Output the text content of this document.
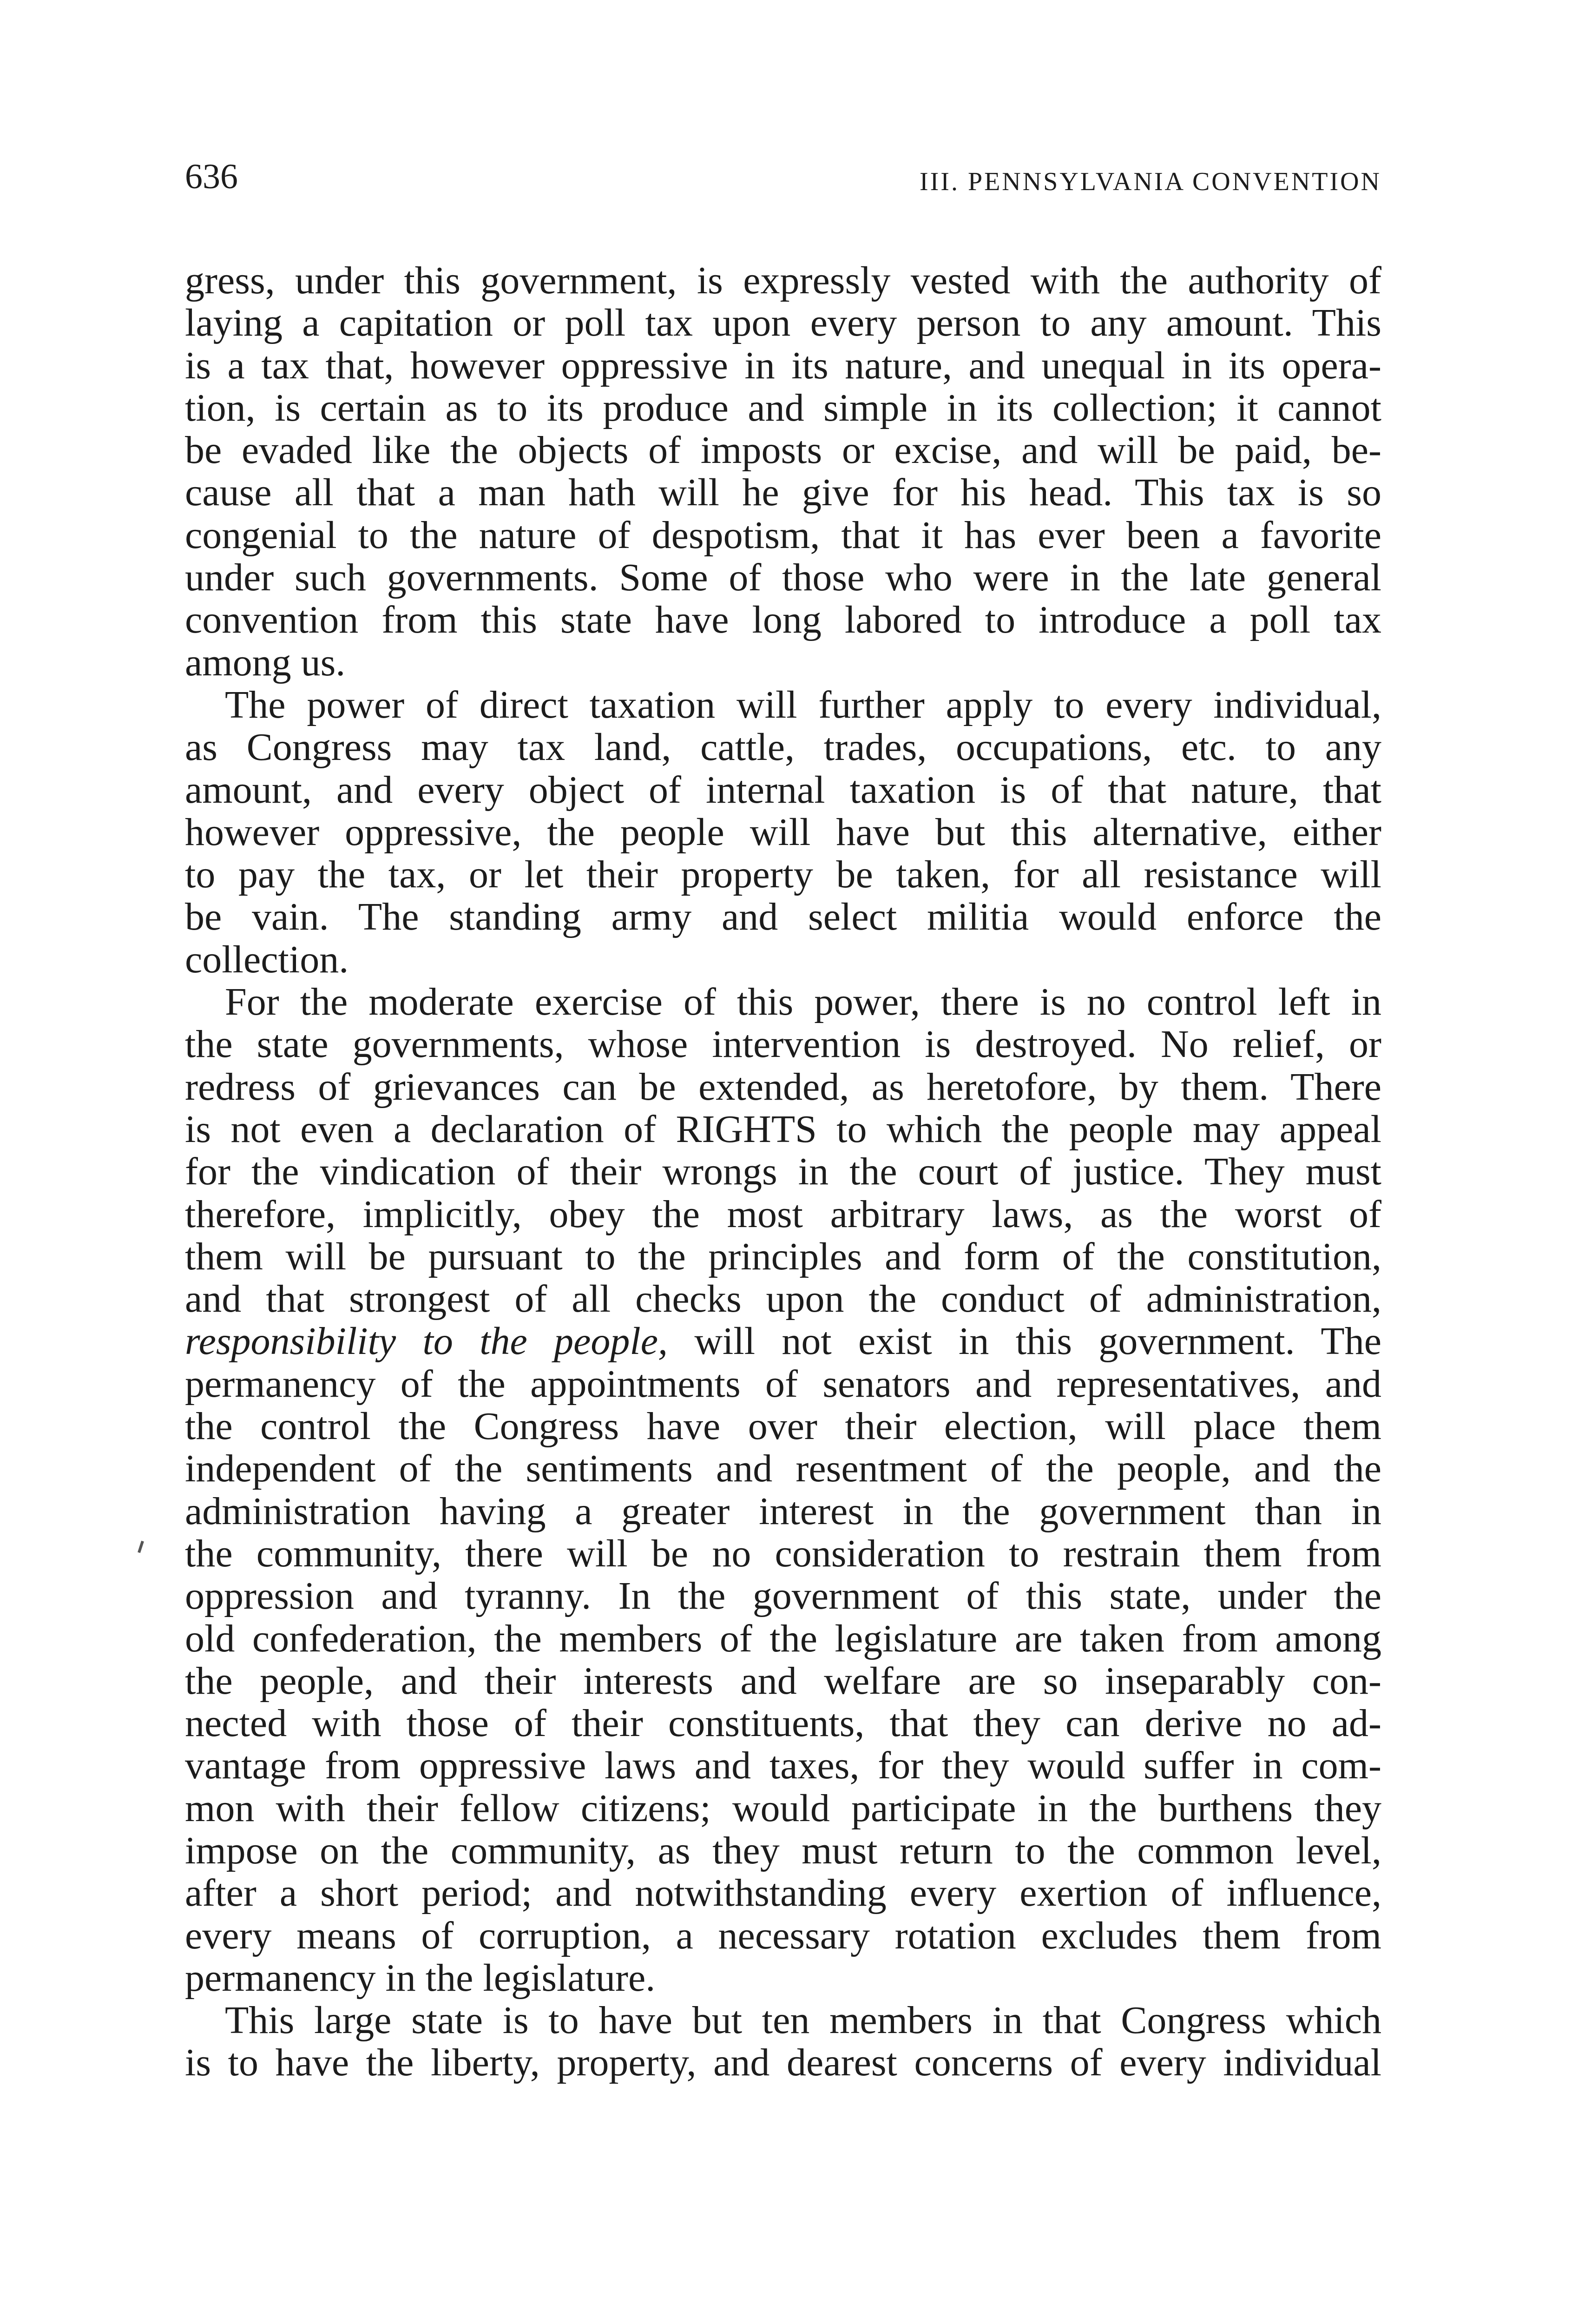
636	III. PENNSYLVANIA CONVENTION
gress, under this government, is expressly vested with the authority of
laying a capitation or poll tax upon every person to any amount. This
is a tax that, however oppressive in its nature, and unequal in its opera-
tion, is certain as to its produce and simple in its collection; it cannot
be evaded like the objects of imposts or excise, and will be paid, be-
cause all that a man hath will he give for his head. This tax is so
congenial to the nature of despotism, that it has ever been a favorite
under such governments. Some of those who were in the late general
convention from this state have long labored to introduce a poll tax
among us.
The power of direct taxation will further apply to every individual,
as Congress may tax land, cattle, trades, occupations, etc. to any
amount, and every object of internal taxation is of that nature, that
however oppressive, the people will have but this alternative, either
to pay the tax, or let their property be taken, for all resistance will
be vain. The standing army and select militia would enforce the
collection.
For the moderate exercise of this power, there is no control left in
the state governments, whose intervention is destroyed. No relief, or
redress of grievances can be extended, as heretofore, by them. There
is not even a declaration of RIGHTS to which the people may appeal
for the vindication of their wrongs in the court of justice. They must
therefore, implicitly, obey the most arbitrary laws, as the worst of
them will be pursuant to the principles and form of the constitution,
and that strongest of all checks upon the conduct of administration,
responsibility to the people, will not exist in this government. The
permanency of the appointments of senators and representatives, and
the control the Congress have over their election, will place them
independent of the sentiments and resentment of the people, and the
administration having a greater interest in the government than in
the community, there will be no consideration to restrain them from
oppression and tyranny. In the government of this state, under the
old confederation, the members of the legislature are taken from among
the people, and their interests and welfare are so inseparably con-
nected with those of their constituents, that they can derive no ad-
vantage from oppressive laws and taxes, for they would suffer in com-
mon with their fellow citizens; would participate in the burthens they
impose on the community, as they must return to the common level,
after a short period; and notwithstanding every exertion of influence,
every means of corruption, a necessary rotation excludes them from
permanency in the legislature.
This large state is to have but ten members in that Congress which
is to have the liberty, property, and dearest concerns of every individual
